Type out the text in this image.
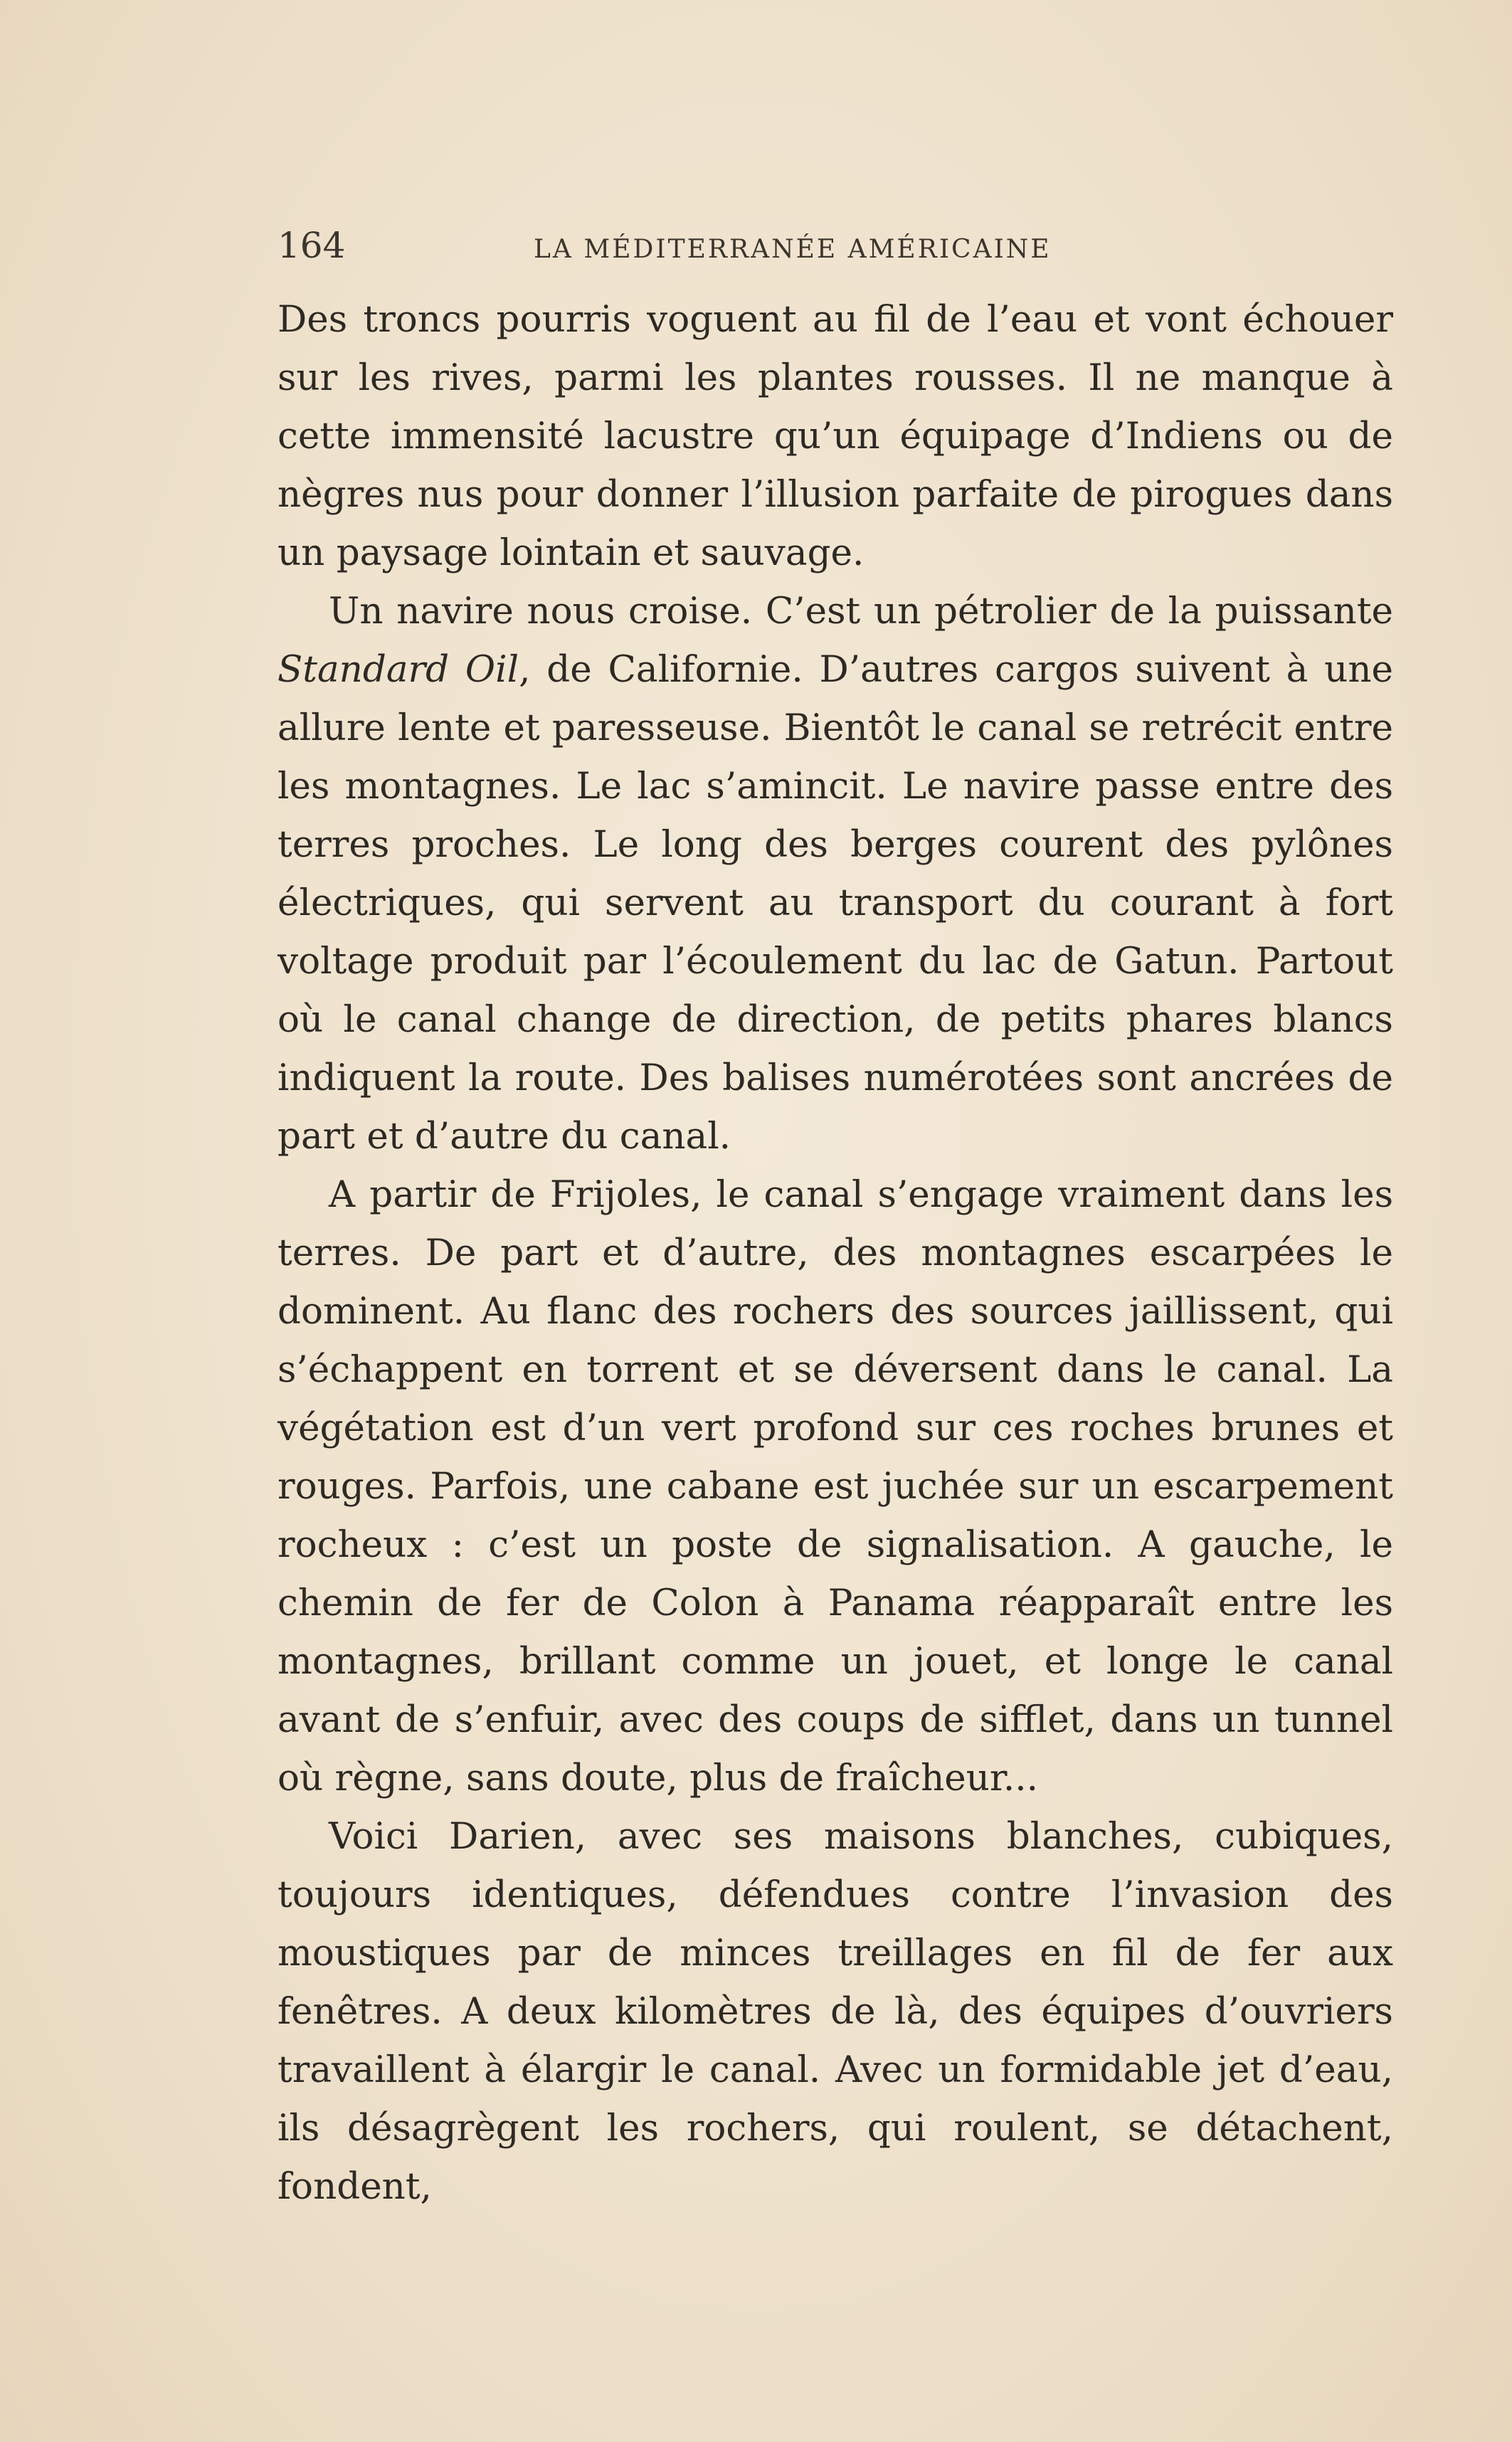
164	LA MÉDITERRANÉE AMÉRICAINE

Des troncs pourris voguent au fil de l’eau et vont échouer sur les rives, parmi les plantes rousses. Il ne manque à cette immensité lacustre qu’un équipage d’Indiens ou de nègres nus pour donner l’illusion parfaite de pirogues dans un paysage lointain et sauvage.

Un navire nous croise. C’est un pétrolier de la puissante Standard Oil, de Californie. D’autres cargos suivent à une allure lente et paresseuse. Bientôt le canal se retrécit entre les montagnes. Le lac s’amincit. Le navire passe entre des terres proches. Le long des berges courent des pylônes électriques, qui servent au transport du courant à fort voltage produit par l’écoulement du lac de Gatun. Partout où le canal change de direction, de petits phares blancs indiquent la route. Des balises numérotées sont ancrées de part et d’autre du canal.

A partir de Frijoles, le canal s’engage vraiment dans les terres. De part et d’autre, des montagnes escarpées le dominent. Au flanc des rochers des sources jaillissent, qui s’échappent en torrent et se déversent dans le canal. La végétation est d’un vert profond sur ces roches brunes et rouges. Parfois, une cabane est juchée sur un escarpement rocheux : c’est un poste de signalisation. A gauche, le chemin de fer de Colon à Panama réapparaît entre les montagnes, brillant comme un jouet, et longe le canal avant de s’enfuir, avec des coups de sifflet, dans un tunnel où règne, sans doute, plus de fraîcheur...

Voici Darien, avec ses maisons blanches, cubiques, toujours identiques, défendues contre l’invasion des moustiques par de minces treillages en fil de fer aux fenêtres. A deux kilomètres de là, des équipes d’ouvriers travaillent à élargir le canal. Avec un formidable jet d’eau, ils désagrègent les rochers, qui roulent, se détachent, fondent,
